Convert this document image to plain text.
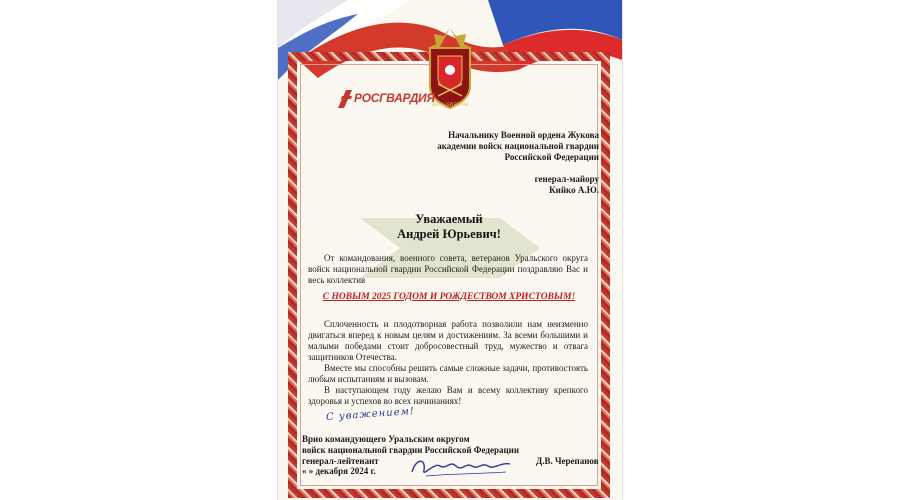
ВЕРНЫ ЕЙ ВЕРНЫ
РОСГВАРДИЯ
Начальнику Военной ордена Жукова
академии войск национальной гвардии
Российской Федерации
генерал-майору
Кийко А.Ю.
Уважаемый
Андрей Юрьевич!
От командования, военного совета, ветеранов Уральского округа войск национальной гвардии Российской Федерации поздравляю Вас и весь коллектив
С НОВЫМ 2025 ГОДОМ И РОЖДЕСТВОМ ХРИСТОВЫМ!
Сплоченность и плодотворная работа позволили нам неизменно двигаться вперед к новым целям и достижениям. За всеми большими и малыми победами стоит добросовестный труд, мужество и отвага защитников Отечества.
Вместе мы способны решить самые сложные задачи, противостоять любым испытаниям и вызовам.
В наступающем году желаю Вам и всему коллективу крепкого здоровья и успехов во всех начинаниях!
С уважением!
Врио командующего Уральским округом
войск национальной гвардии Российской Федерации
генерал-лейтенант	Д.В. Черепанов
« » декабря 2024 г.
